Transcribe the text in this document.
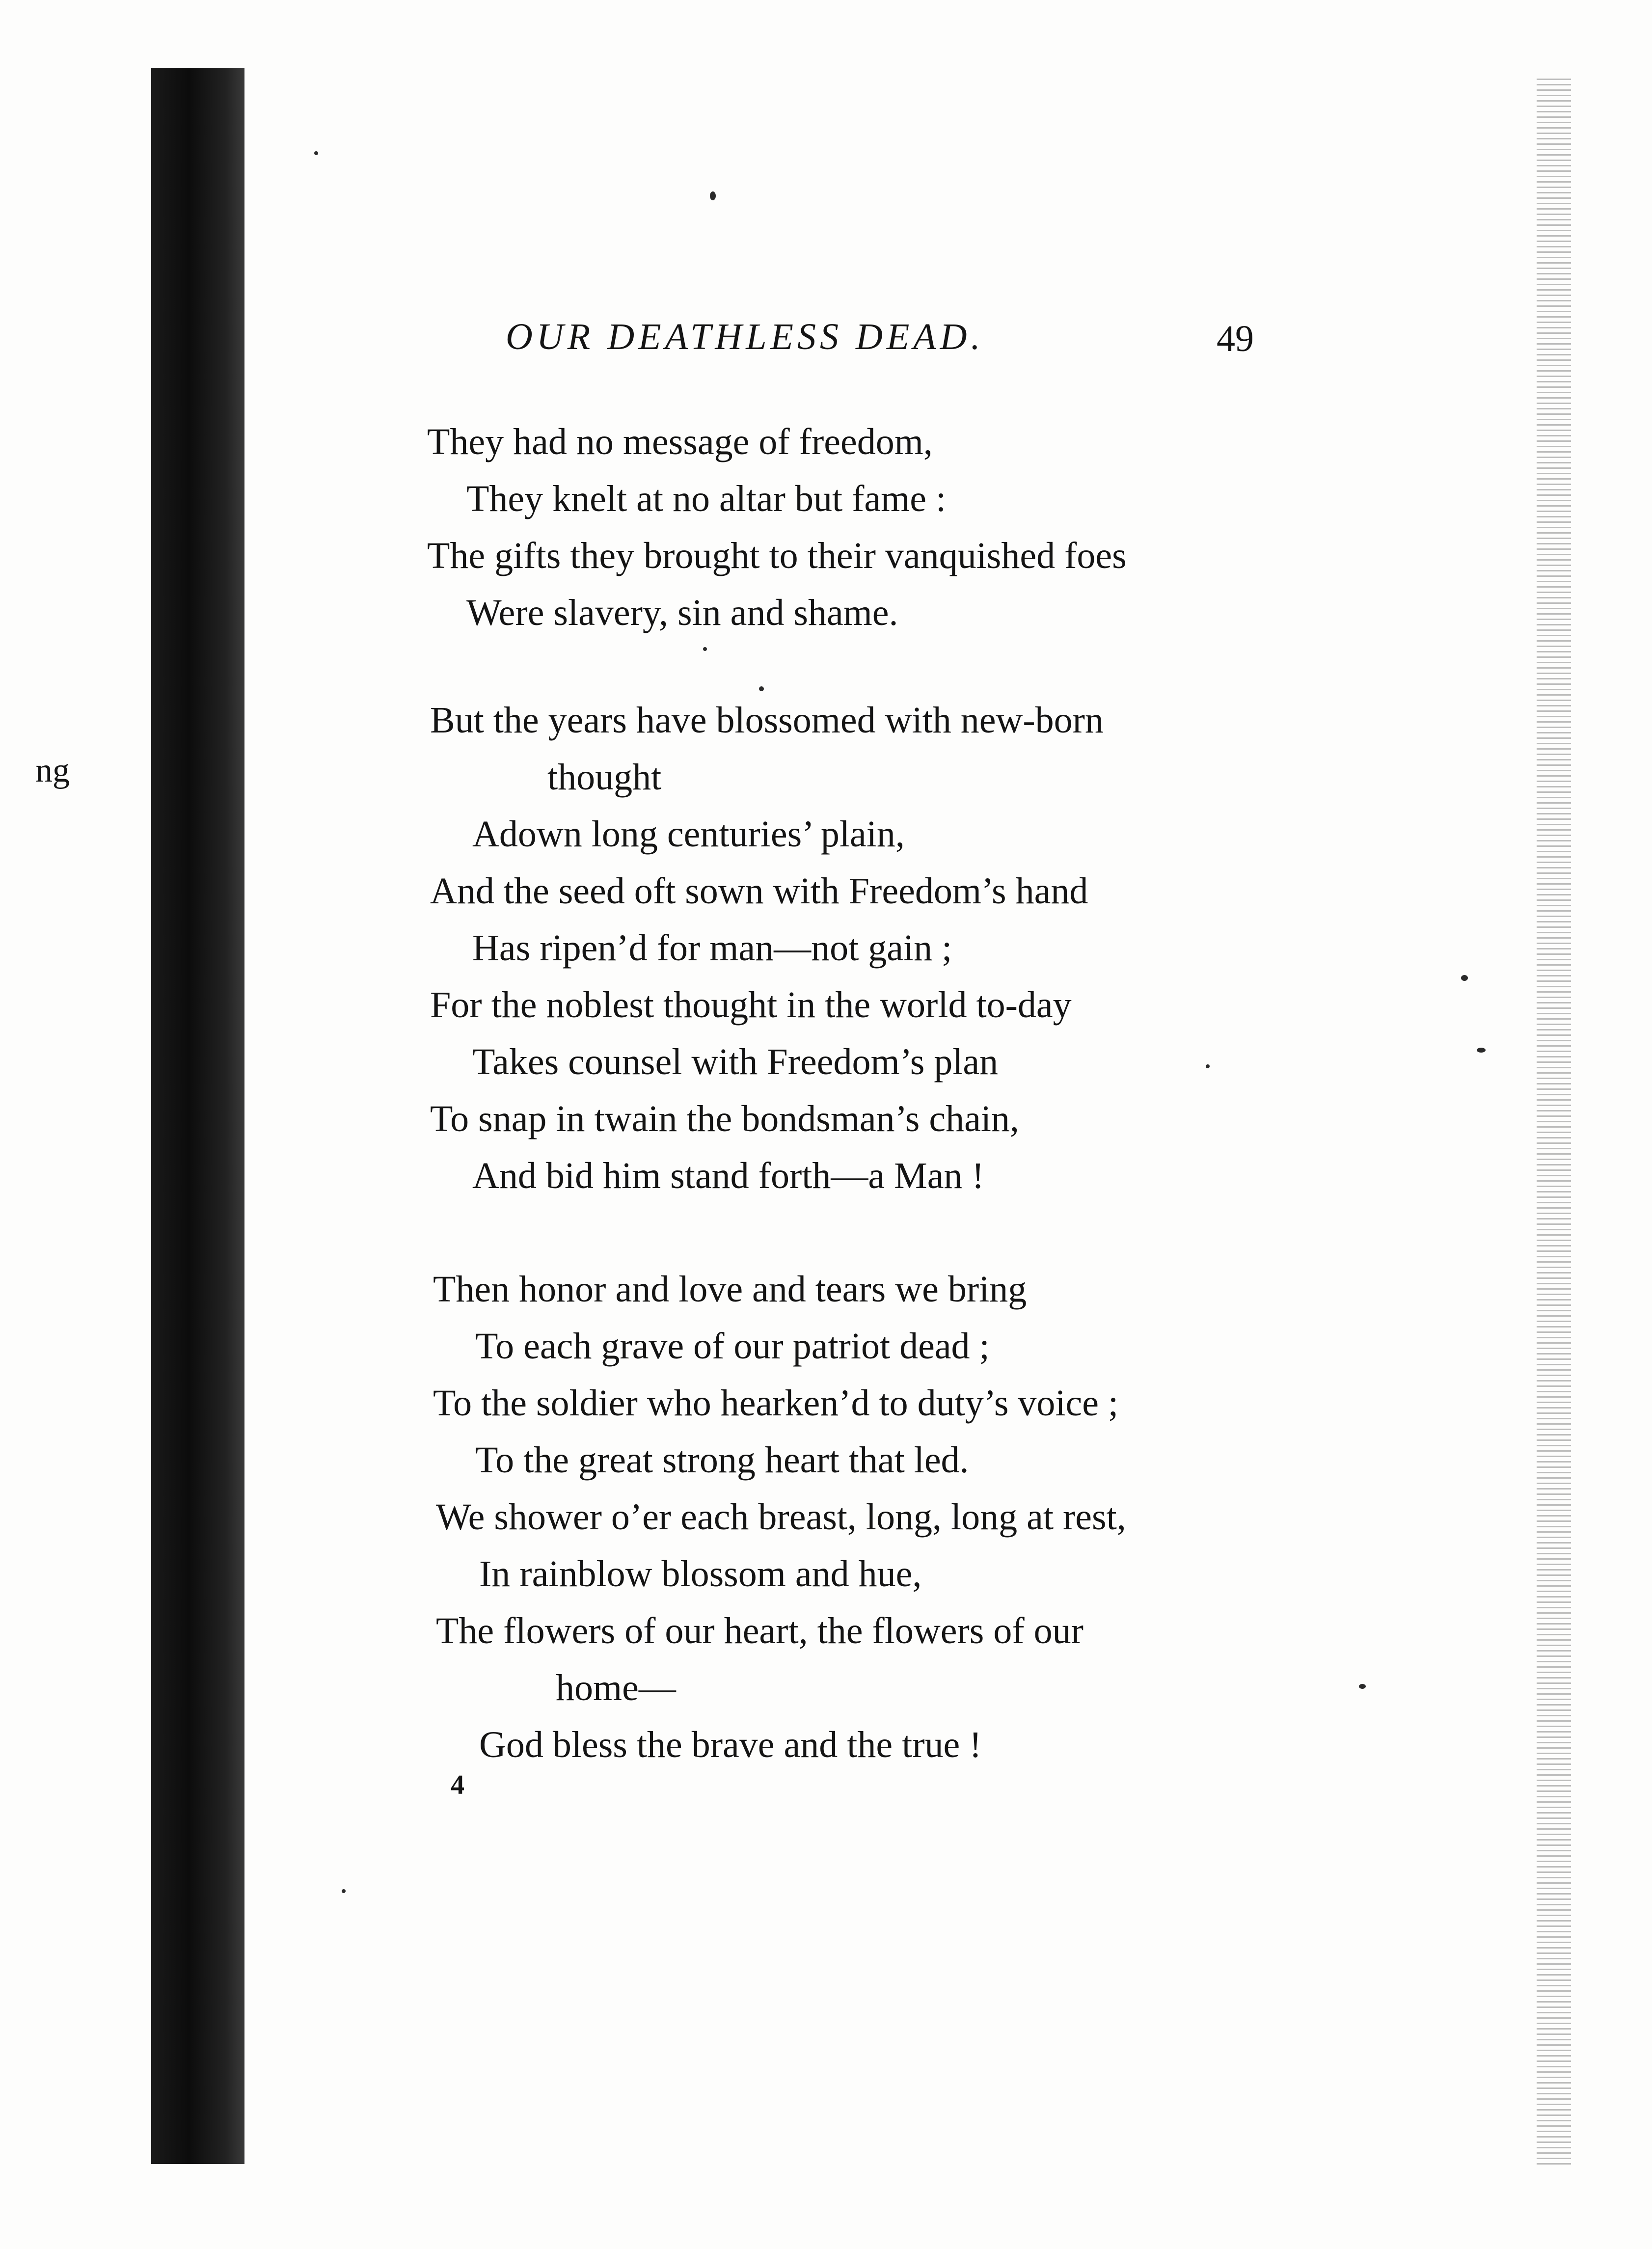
ng
OUR DEATHLESS DEAD.	49
They had no message of freedom,
They knelt at no altar but fame :
The gifts they brought to their vanquished foes
Were slavery, sin and shame.
But the years have blossomed with new-born
thought
Adown long centuries’ plain,
And the seed oft sown with Freedom’s hand
Has ripen’d for man—not gain ;
For the noblest thought in the world to-day
Takes counsel with Freedom’s plan
To snap in twain the bondsman’s chain,
And bid him stand forth—a Man !
Then honor and love and tears we bring
To each grave of our patriot dead ;
To the soldier who hearken’d to duty’s voice ;
To the great strong heart that led.
We shower o’er each breast, long, long at rest,
In rainblow blossom and hue,
The flowers of our heart, the flowers of our
home—
God bless the brave and the true !
4
